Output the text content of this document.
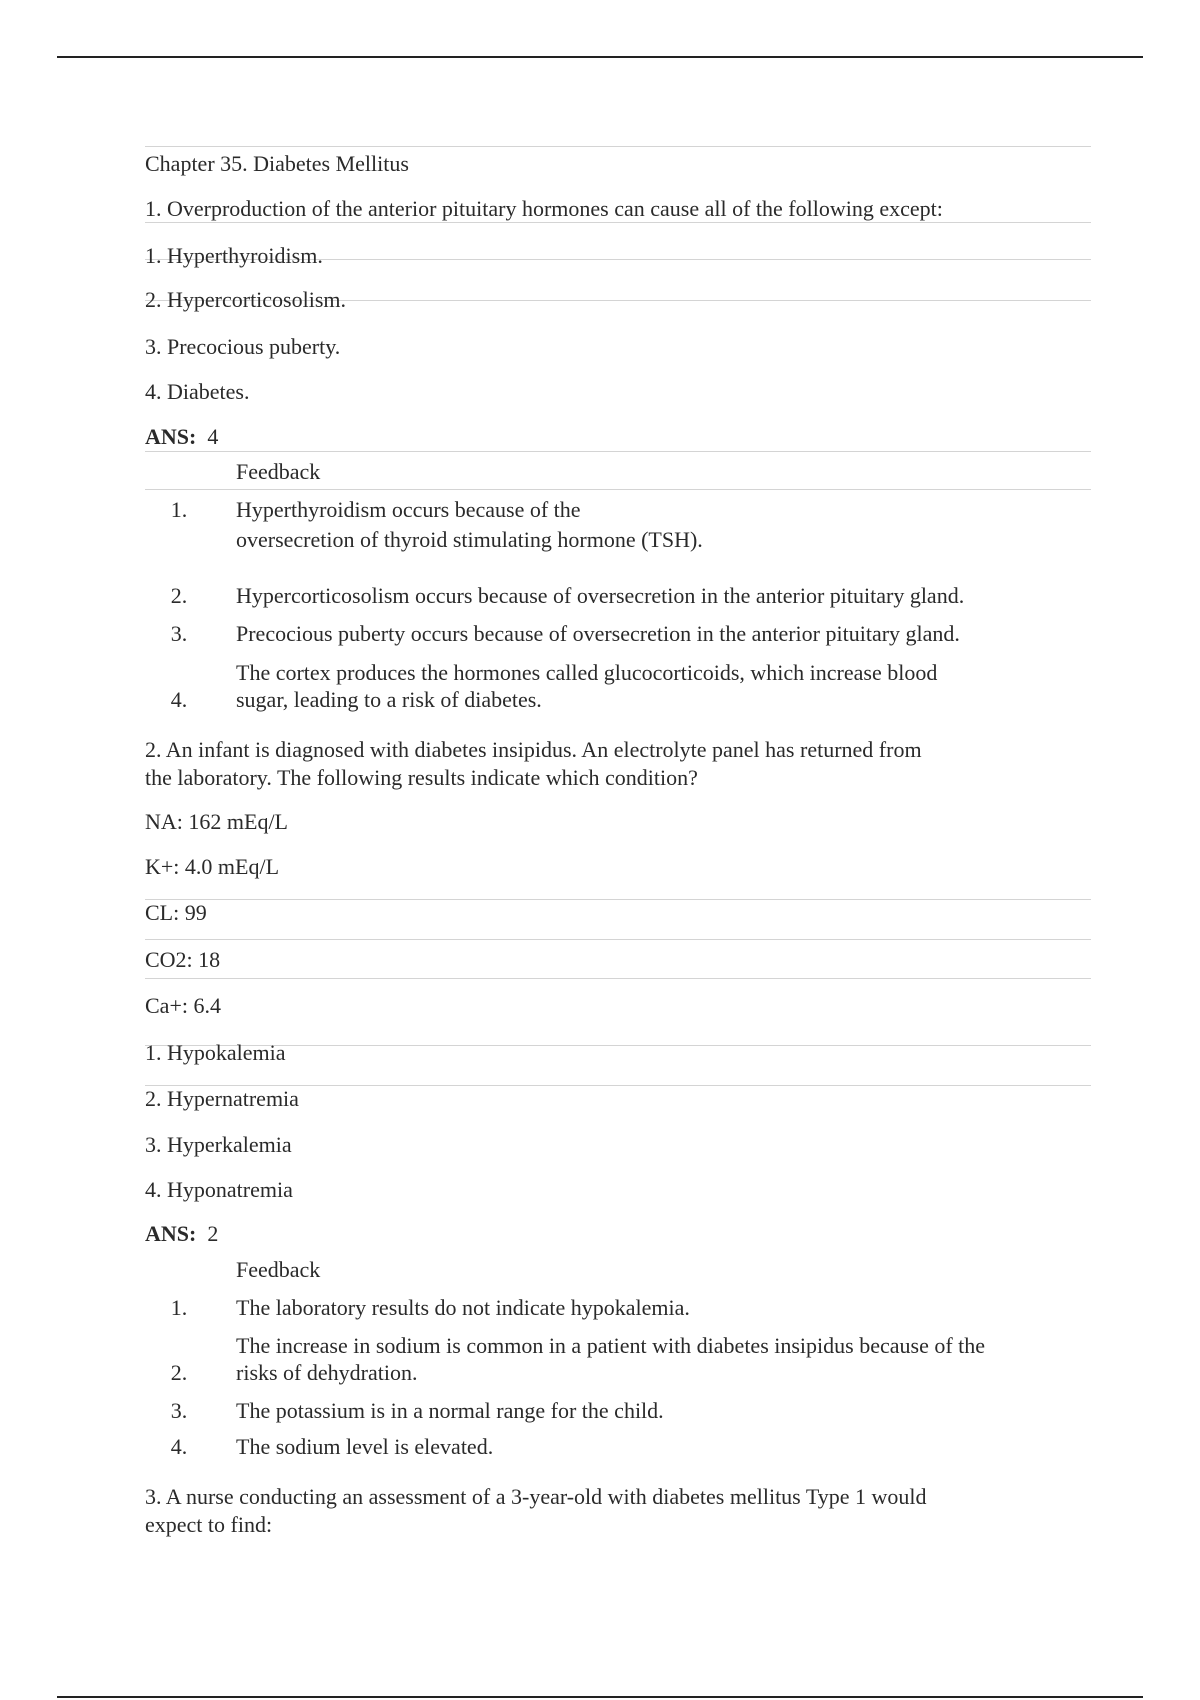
Chapter 35. Diabetes Mellitus
1. Overproduction of the anterior pituitary hormones can cause all of the following except:
1. Hyperthyroidism.
2. Hypercorticosolism.
3. Precocious puberty.
4. Diabetes.
ANS: 4
Feedback
1. Hyperthyroidism occurs because of the
oversecretion of thyroid stimulating hormone (TSH).
2. Hypercorticosolism occurs because of oversecretion in the anterior pituitary gland.
3. Precocious puberty occurs because of oversecretion in the anterior pituitary gland.
The cortex produces the hormones called glucocorticoids, which increase blood
4. sugar, leading to a risk of diabetes.
2. An infant is diagnosed with diabetes insipidus. An electrolyte panel has returned from
the laboratory. The following results indicate which condition?
NA: 162 mEq/L
K+: 4.0 mEq/L
CL: 99
CO2: 18
Ca+: 6.4
1. Hypokalemia
2. Hypernatremia
3. Hyperkalemia
4. Hyponatremia
ANS: 2
Feedback
1. The laboratory results do not indicate hypokalemia.
The increase in sodium is common in a patient with diabetes insipidus because of the
2. risks of dehydration.
3. The potassium is in a normal range for the child.
4. The sodium level is elevated.
3. A nurse conducting an assessment of a 3-year-old with diabetes mellitus Type 1 would
expect to find:
